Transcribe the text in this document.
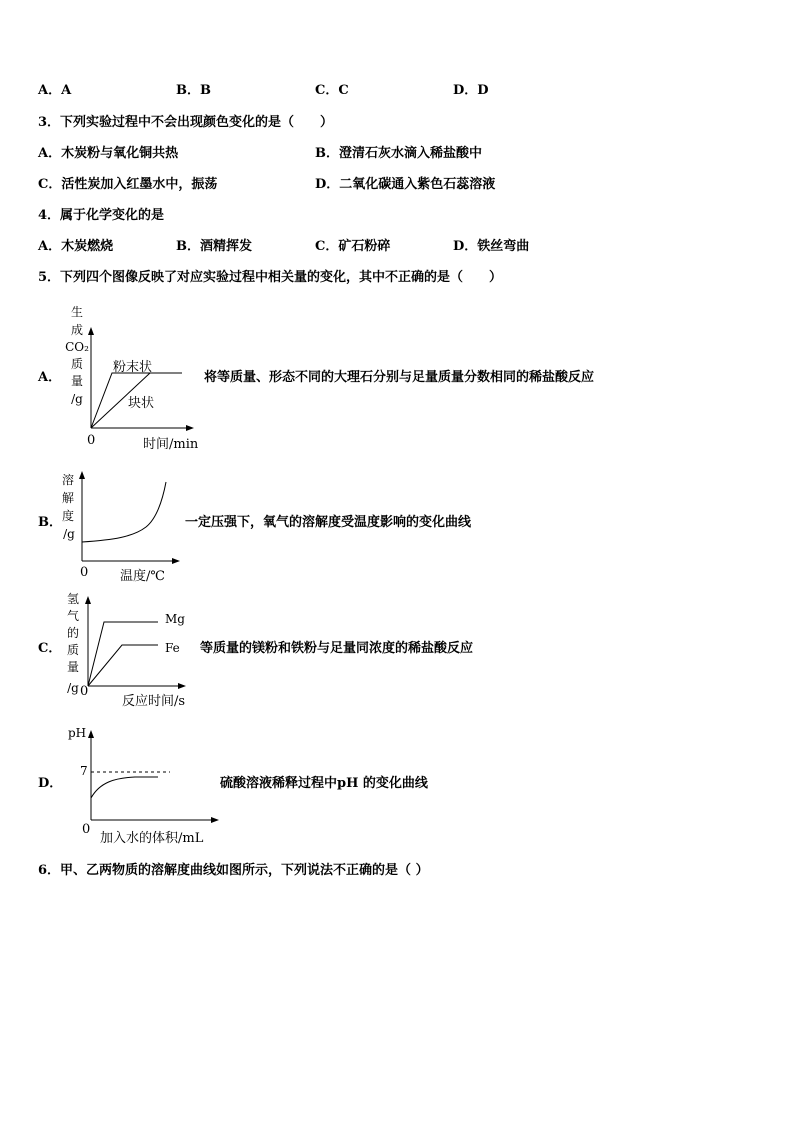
A．A	B．B	C．C	D．D
3．下列实验过程中不会出现颜色变化的是（　　）
A．木炭粉与氧化铜共热	B．澄清石灰水滴入稀盐酸中
C．活性炭加入红墨水中，振荡	D．二氧化碳通入紫色石蕊溶液
4．属于化学变化的是
A．木炭燃烧	B．酒精挥发	C．矿石粉碎	D．铁丝弯曲
5．下列四个图像反映了对应实验过程中相关量的变化，其中不正确的是（　　）
A．
生
成
CO₂
质
量
/g
粉末状
块状
0	时间/min
将等质量、形态不同的大理石分别与足量质量分数相同的稀盐酸反应
B．
溶
解
度
/g
0 温度/℃
一定压强下，氧气的溶解度受温度影响的变化曲线
C．
氢
气
的
质
量
/g
Mg
Fe
0
反应时间/s
等质量的镁粉和铁粉与足量同浓度的稀盐酸反应
D．
pH
7
0
加入水的体积/mL
硫酸溶液稀释过程中pH 的变化曲线
6．甲、乙两物质的溶解度曲线如图所示，下列说法不正确的是（ ）
